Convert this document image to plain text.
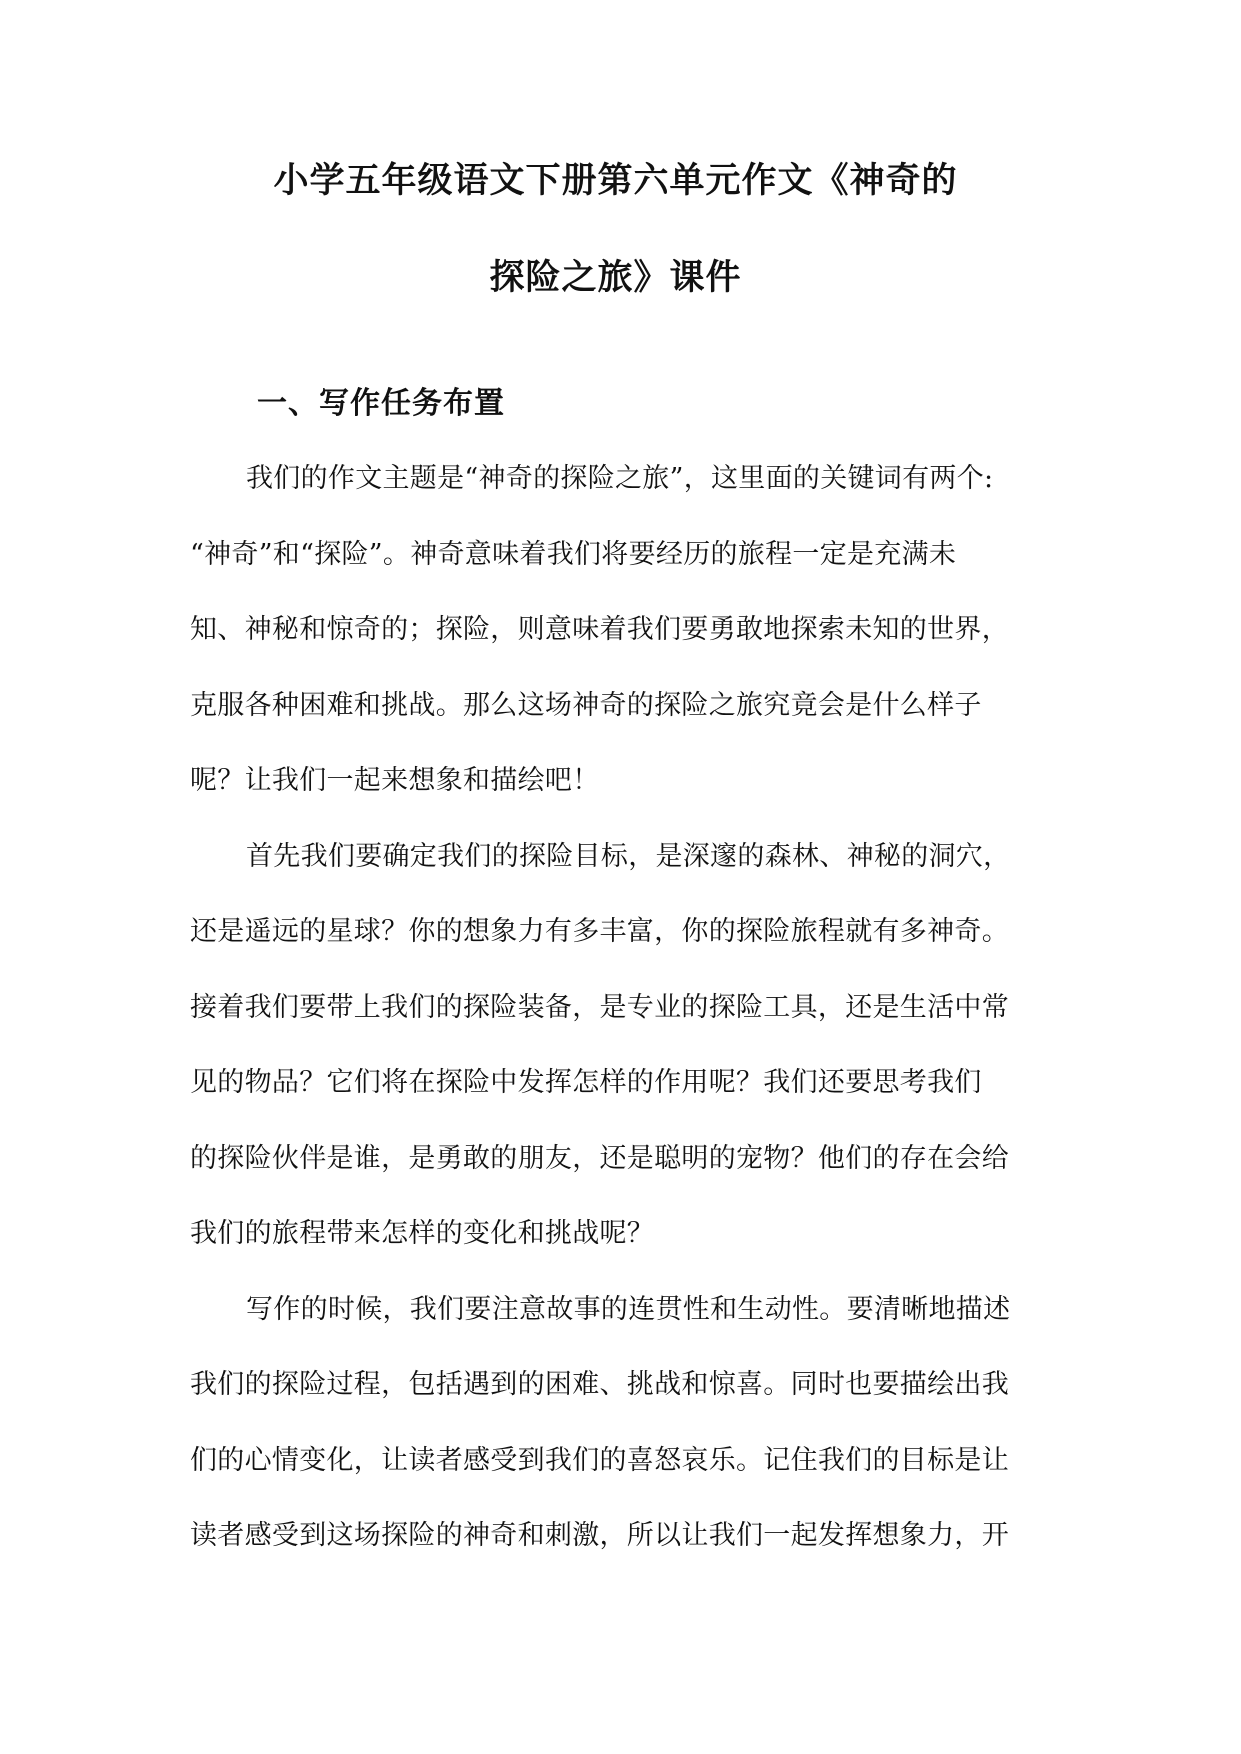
小学五年级语文下册第六单元作文《神奇的
探险之旅》课件
一、写作任务布置
我们的作文主题是“神奇的探险之旅”，这里面的关键词有两个:
“神奇”和“探险”。神奇意味着我们将要经历的旅程一定是充满未
知、神秘和惊奇的；探险，则意味着我们要勇敢地探索未知的世界，
克服各种困难和挑战。那么这场神奇的探险之旅究竟会是什么样子
呢？让我们一起来想象和描绘吧！
首先我们要确定我们的探险目标，是深邃的森林、神秘的洞穴，
还是遥远的星球？你的想象力有多丰富，你的探险旅程就有多神奇。
接着我们要带上我们的探险装备，是专业的探险工具，还是生活中常
见的物品？它们将在探险中发挥怎样的作用呢？我们还要思考我们
的探险伙伴是谁，是勇敢的朋友，还是聪明的宠物？他们的存在会给
我们的旅程带来怎样的变化和挑战呢？
写作的时候，我们要注意故事的连贯性和生动性。要清晰地描述
我们的探险过程，包括遇到的困难、挑战和惊喜。同时也要描绘出我
们的心情变化，让读者感受到我们的喜怒哀乐。记住我们的目标是让
读者感受到这场探险的神奇和刺激，所以让我们一起发挥想象力，开
